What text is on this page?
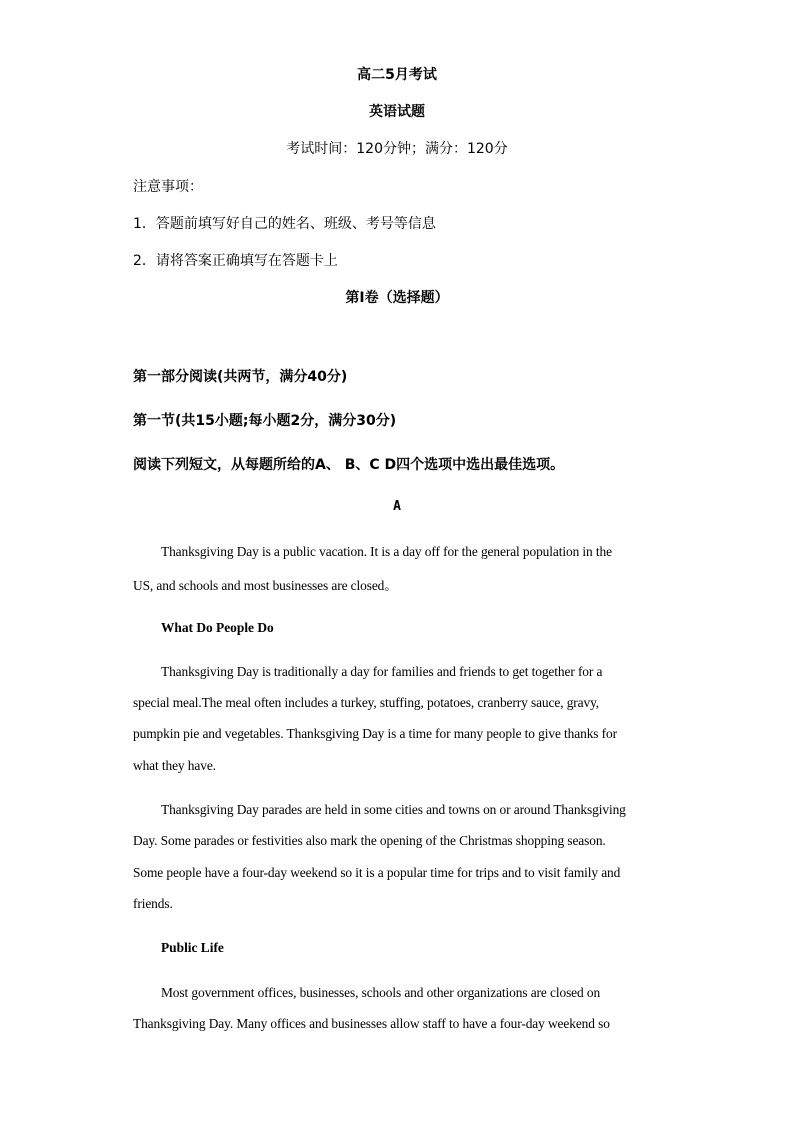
高二5月考试

英语试题

考试时间：120分钟；满分：120分

注意事项：

1．答题前填写好自己的姓名、班级、考号等信息

2．请将答案正确填写在答题卡上

第I卷（选择题）

第一部分阅读(共两节，满分40分)

第一节(共15小题;每小题2分，满分30分)

阅读下列短文，从每题所给的A、 B、C D四个选项中选出最佳选项。

A

Thanksgiving Day is a public vacation. It is a day off for the general population in the

US, and schools and most businesses are closed。

What Do People Do

Thanksgiving Day is traditionally a day for families and friends to get together for a

special meal.The meal often includes a turkey, stuffing, potatoes, cranberry sauce, gravy,

pumpkin pie and vegetables. Thanksgiving Day is a time for many people to give thanks for

what they have.

Thanksgiving Day parades are held in some cities and towns on or around Thanksgiving

Day. Some parades or festivities also mark the opening of the Christmas shopping season.

Some people have a four-day weekend so it is a popular time for trips and to visit family and

friends.

Public Life

Most government offices, businesses, schools and other organizations are closed on

Thanksgiving Day. Many offices and businesses allow staff to have a four-day weekend so
